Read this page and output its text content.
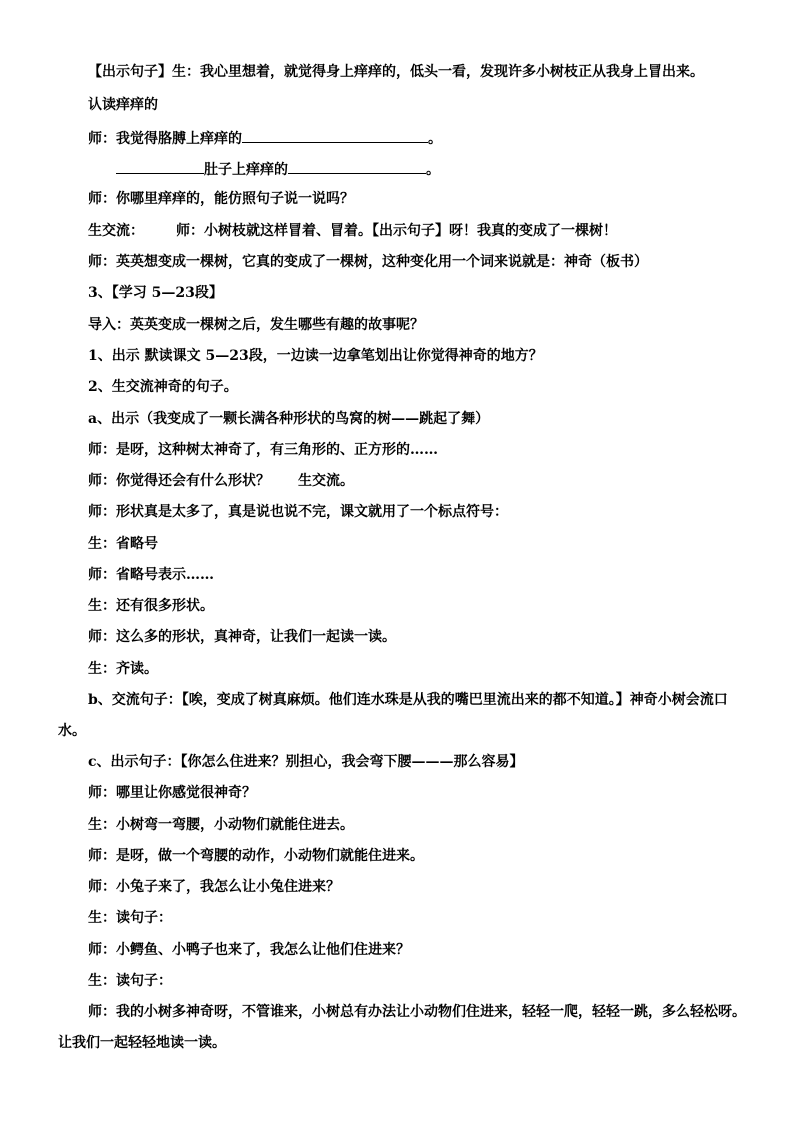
【出示句子】生：我心里想着，就觉得身上痒痒的，低头一看，发现许多小树枝正从我身上冒出来。
认读痒痒的
师：我觉得胳膊上痒痒的	。
肚子上痒痒的	。
师：你哪里痒痒的，能仿照句子说一说吗？
生交流： 师：小树枝就这样冒着、冒着。【出示句子】呀！我真的变成了一棵树！
师：英英想变成一棵树，它真的变成了一棵树，这种变化用一个词来说就是：神奇（板书）
3、【学习 5—23段】
导入：英英变成一棵树之后，发生哪些有趣的故事呢？
1、出示 默读课文 5—23段，一边读一边拿笔划出让你觉得神奇的地方？
2、生交流神奇的句子。
a、出示（我变成了一颗长满各种形状的鸟窝的树——跳起了舞）
师：是呀，这种树太神奇了，有三角形的、正方形的……
师：你觉得还会有什么形状？ 生交流。
师：形状真是太多了，真是说也说不完，课文就用了一个标点符号：
生：省略号
师：省略号表示……
生：还有很多形状。
师：这么多的形状，真神奇，让我们一起读一读。
生：齐读。
b、交流句子：【唉，变成了树真麻烦。他们连水珠是从我的嘴巴里流出来的都不知道。】神奇小树会流口
水。
c、出示句子：【你怎么住进来？别担心，我会弯下腰———那么容易】
师：哪里让你感觉很神奇？
生：小树弯一弯腰，小动物们就能住进去。
师：是呀，做一个弯腰的动作，小动物们就能住进来。
师：小兔子来了，我怎么让小兔住进来？
生：读句子：
师：小鳄鱼、小鸭子也来了，我怎么让他们住进来？
生：读句子：
师：我的小树多神奇呀，不管谁来，小树总有办法让小动物们住进来，轻轻一爬，轻轻一跳，多么轻松呀。
让我们一起轻轻地读一读。
